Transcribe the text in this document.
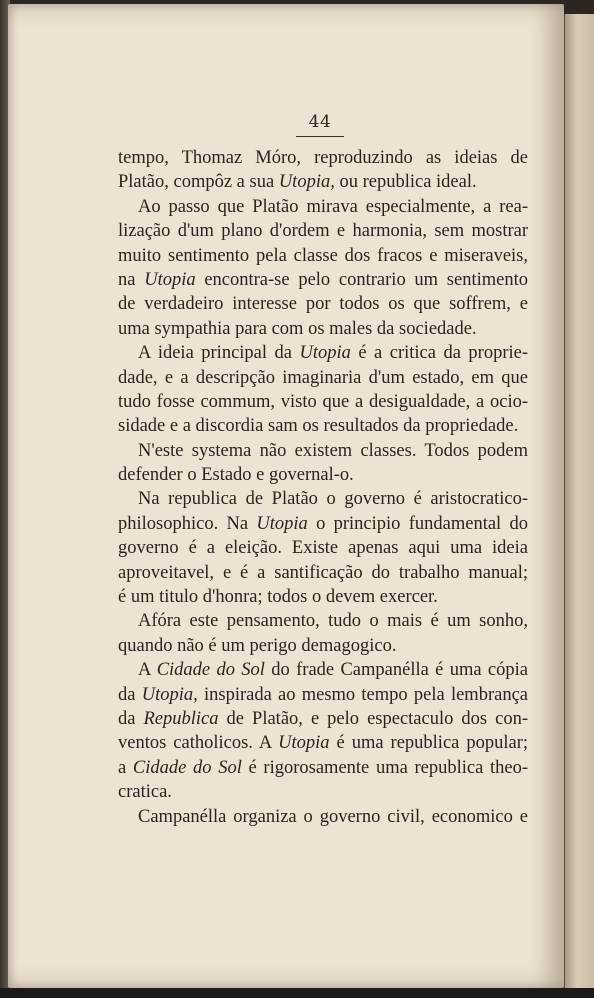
44
tempo, Thomaz Móro, reproduzindo as ideias de
Platão, compôz a sua Utopia, ou republica ideal.
Ao passo que Platão mirava especialmente, a rea-
lização d'um plano d'ordem e harmonia, sem mostrar
muito sentimento pela classe dos fracos e miseraveis,
na Utopia encontra-se pelo contrario um sentimento
de verdadeiro interesse por todos os que soffrem, e
uma sympathia para com os males da sociedade.
A ideia principal da Utopia é a critica da proprie-
dade, e a descripção imaginaria d'um estado, em que
tudo fosse commum, visto que a desigualdade, a ocio-
sidade e a discordia sam os resultados da propriedade.
N'este systema não existem classes. Todos podem
defender o Estado e governal-o.
Na republica de Platão o governo é aristocratico-
philosophico. Na Utopia o principio fundamental do
governo é a eleição. Existe apenas aqui uma ideia
aproveitavel, e é a santificação do trabalho manual;
é um titulo d'honra; todos o devem exercer.
Afóra este pensamento, tudo o mais é um sonho,
quando não é um perigo demagogico.
A Cidade do Sol do frade Campanélla é uma cópia
da Utopia, inspirada ao mesmo tempo pela lembrança
da Republica de Platão, e pelo espectaculo dos con-
ventos catholicos. A Utopia é uma republica popular;
a Cidade do Sol é rigorosamente uma republica theo-
cratica.
Campanélla organiza o governo civil, economico e
